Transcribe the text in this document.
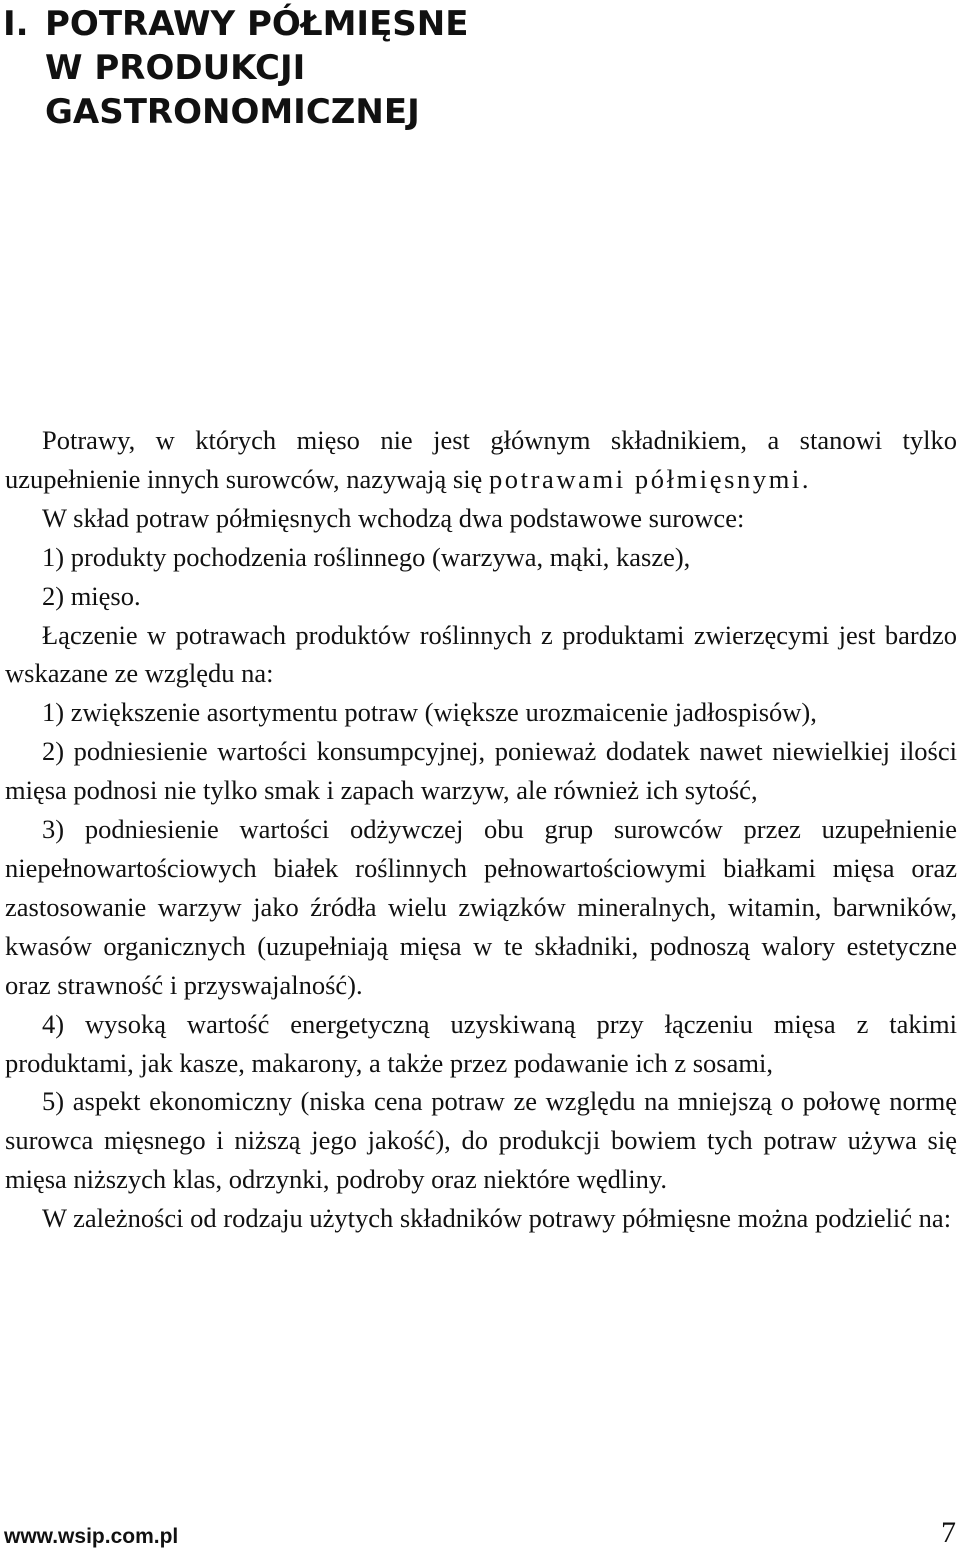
I. POTRAWY PÓŁMIĘSNE
W PRODUKCJI
GASTRONOMICZNEJ

Potrawy, w których mięso nie jest głównym składnikiem, a stanowi tylko uzupełnienie innych surowców, nazywają się potrawami półmięsnymi.

W skład potraw półmięsnych wchodzą dwa podstawowe surowce:

1) produkty pochodzenia roślinnego (warzywa, mąki, kasze),

2) mięso.

Łączenie w potrawach produktów roślinnych z produktami zwierzęcymi jest bardzo wskazane ze względu na:

1) zwiększenie asortymentu potraw (większe urozmaicenie jadłospisów),

2) podniesienie wartości konsumpcyjnej, ponieważ dodatek nawet niewielkiej ilości mięsa podnosi nie tylko smak i zapach warzyw, ale również ich sytość,

3) podniesienie wartości odżywczej obu grup surowców przez uzupełnienie niepełnowartościowych białek roślinnych pełnowartościowymi białkami mięsa oraz zastosowanie warzyw jako źródła wielu związków mineralnych, witamin, barwników, kwasów organicznych (uzupełniają mięsa w te składniki, podnoszą walory estetyczne oraz strawność i przyswajalność).

4) wysoką wartość energetyczną uzyskiwaną przy łączeniu mięsa z takimi produktami, jak kasze, makarony, a także przez podawanie ich z sosami,

5) aspekt ekonomiczny (niska cena potraw ze względu na mniejszą o połowę normę surowca mięsnego i niższą jego jakość), do produkcji bowiem tych potraw używa się mięsa niższych klas, odrzynki, podroby oraz niektóre wędliny.

W zależności od rodzaju użytych składników potrawy półmięsne można podzielić na:

www.wsip.com.pl	7
